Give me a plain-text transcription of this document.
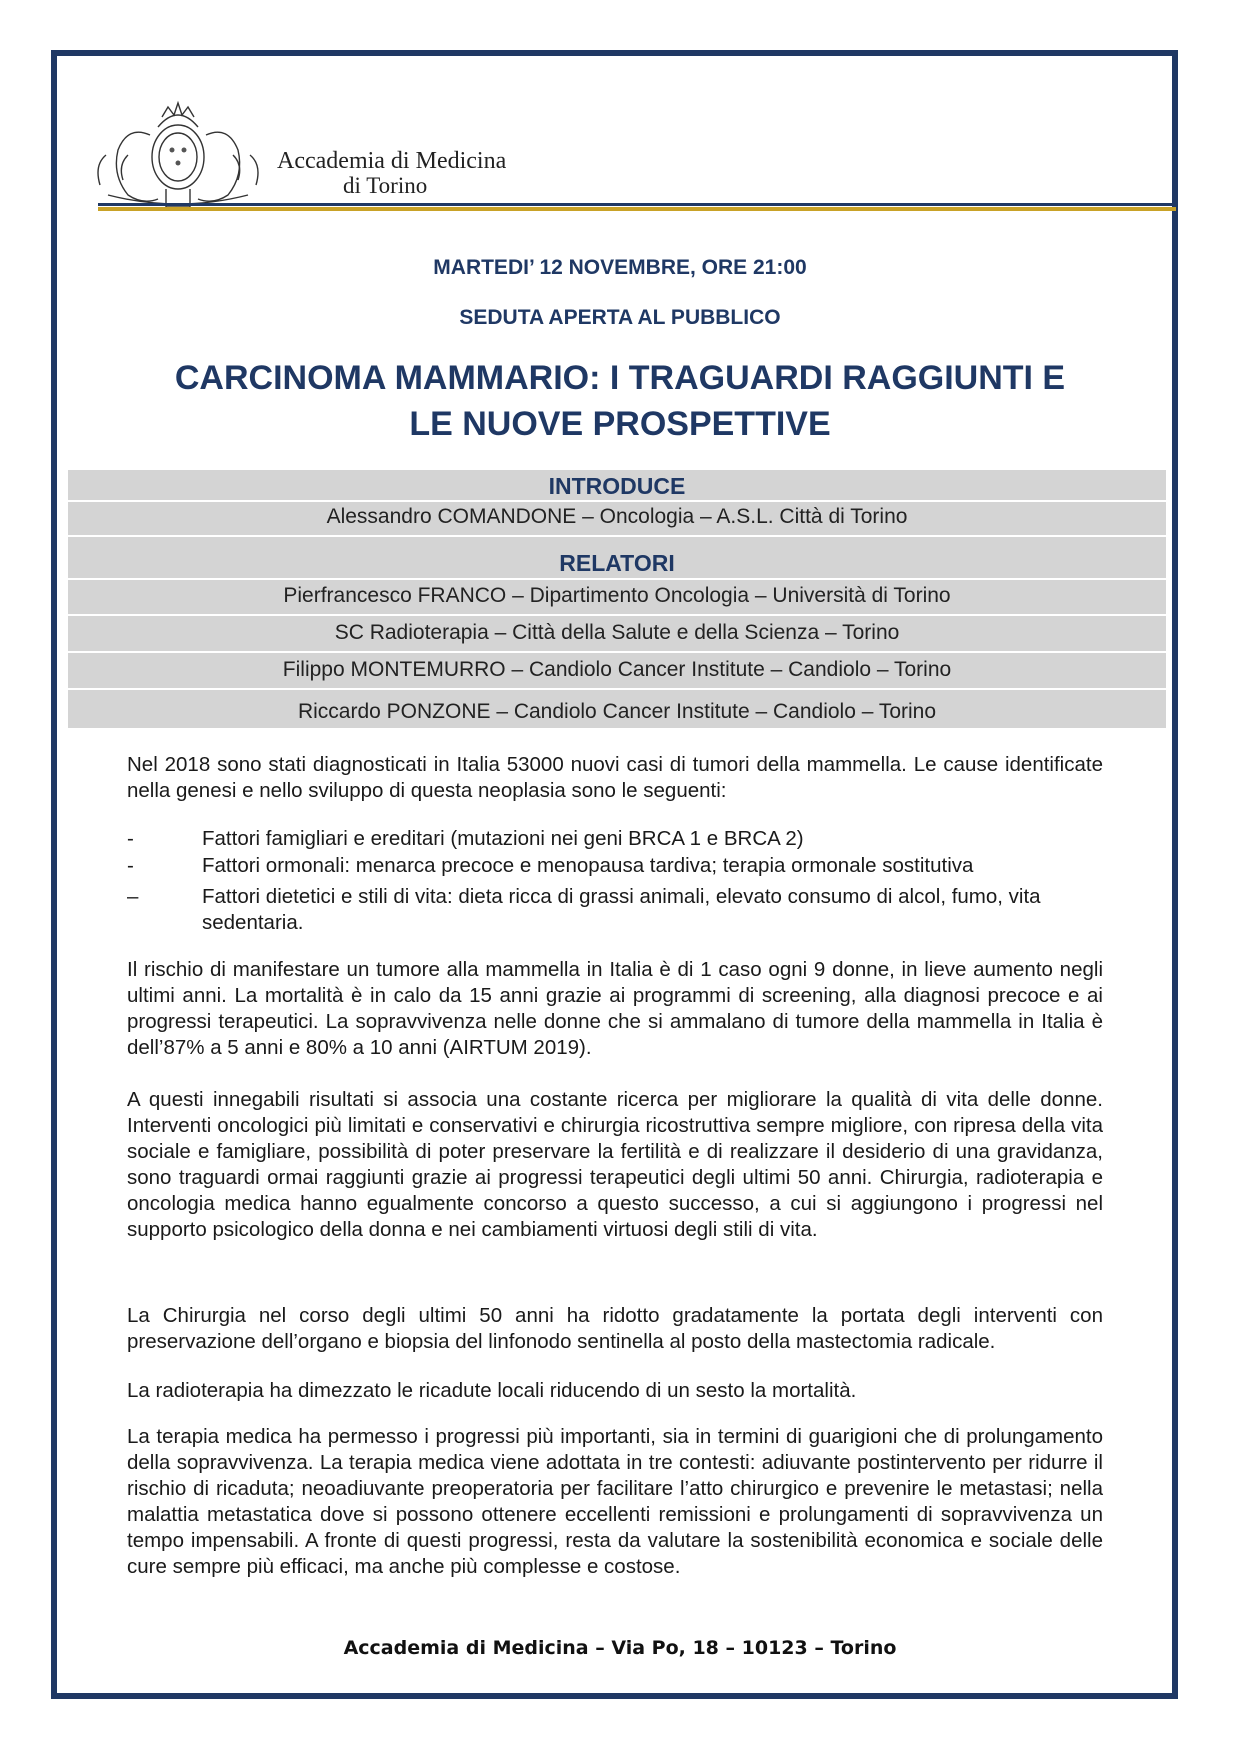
Accademia di Medicina
di Torino
MARTEDI’ 12 NOVEMBRE, ORE 21:00
SEDUTA APERTA AL PUBBLICO
CARCINOMA MAMMARIO: I TRAGUARDI RAGGIUNTI E
LE NUOVE PROSPETTIVE
INTRODUCE
Alessandro COMANDONE – Oncologia – A.S.L. Città di Torino
RELATORI
Pierfrancesco FRANCO – Dipartimento Oncologia – Università di Torino
SC Radioterapia – Città della Salute e della Scienza – Torino
Filippo MONTEMURRO – Candiolo Cancer Institute – Candiolo – Torino
Riccardo PONZONE – Candiolo Cancer Institute – Candiolo – Torino
Nel 2018 sono stati diagnosticati in Italia 53000 nuovi casi di tumori della mammella. Le cause identificate nella genesi e nello sviluppo di questa neoplasia sono le seguenti:
-	Fattori famigliari e ereditari (mutazioni nei geni BRCA 1 e BRCA 2)
-	Fattori ormonali: menarca precoce e menopausa tardiva; terapia ormonale sostitutiva
–	Fattori dietetici e stili di vita: dieta ricca di grassi animali, elevato consumo di alcol, fumo, vita sedentaria.
Il rischio di manifestare un tumore alla mammella in Italia è di 1 caso ogni 9 donne, in lieve aumento negli ultimi anni. La mortalità è in calo da 15 anni grazie ai programmi di screening, alla diagnosi precoce e ai progressi terapeutici. La sopravvivenza nelle donne che si ammalano di tumore della mammella in Italia è dell’87% a 5 anni e 80% a 10 anni (AIRTUM 2019).
A questi innegabili risultati si associa una costante ricerca per migliorare la qualità di vita delle donne. Interventi oncologici più limitati e conservativi e chirurgia ricostruttiva sempre migliore, con ripresa della vita sociale e famigliare, possibilità di poter preservare la fertilità e di realizzare il desiderio di una gravidanza, sono traguardi ormai raggiunti grazie ai progressi terapeutici degli ultimi 50 anni. Chirurgia, radioterapia e oncologia medica hanno egualmente concorso a questo successo, a cui si aggiungono i progressi nel supporto psicologico della donna e nei cambiamenti virtuosi degli stili di vita.
La Chirurgia nel corso degli ultimi 50 anni ha ridotto gradatamente la portata degli interventi con preservazione dell’organo e biopsia del linfonodo sentinella al posto della mastectomia radicale.
La radioterapia ha dimezzato le ricadute locali riducendo di un sesto la mortalità.
La terapia medica ha permesso i progressi più importanti, sia in termini di guarigioni che di prolungamento della sopravvivenza. La terapia medica viene adottata in tre contesti: adiuvante postintervento per ridurre il rischio di ricaduta; neoadiuvante preoperatoria per facilitare l’atto chirurgico e prevenire le metastasi; nella malattia metastatica dove si possono ottenere eccellenti remissioni e prolungamenti di sopravvivenza un tempo impensabili. A fronte di questi progressi, resta da valutare la sostenibilità economica e sociale delle cure sempre più efficaci, ma anche più complesse e costose.
Accademia di Medicina – Via Po, 18 – 10123 – Torino
